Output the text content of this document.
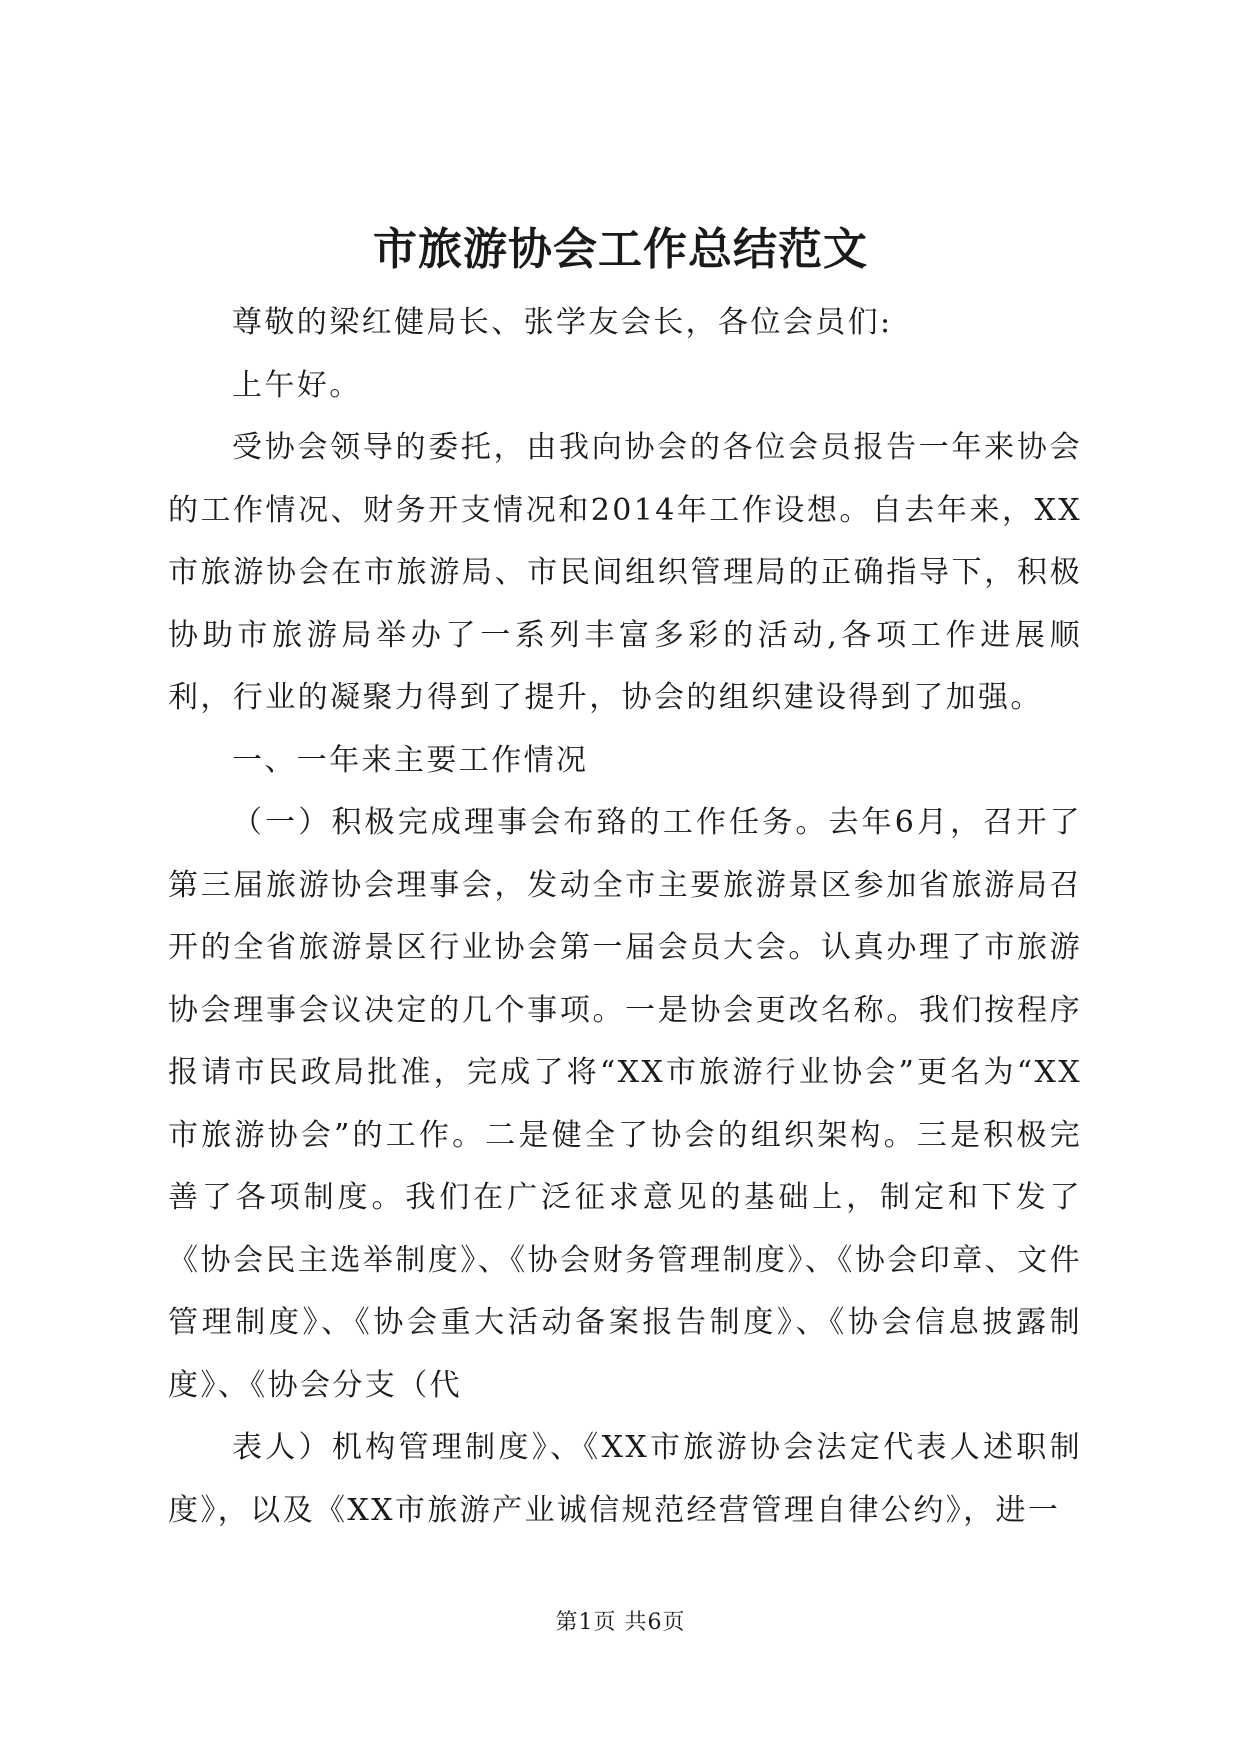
市旅游协会工作总结范文

尊敬的梁红健局长、张学友会长，各位会员们:

上午好。

受协会领导的委托，由我向协会的各位会员报告一年来协会的工作情况、财务开支情况和2014年工作设想。自去年来，XX市旅游协会在市旅游局、市民间组织管理局的正确指导下，积极协助市旅游局举办了一系列丰富多彩的活动,各项工作进展顺利，行业的凝聚力得到了提升，协会的组织建设得到了加强。

一、一年来主要工作情况

（一）积极完成理事会布臵的工作任务。去年6月，召开了第三届旅游协会理事会，发动全市主要旅游景区参加省旅游局召开的全省旅游景区行业协会第一届会员大会。认真办理了市旅游协会理事会议决定的几个事项。一是协会更改名称。我们按程序报请市民政局批准，完成了将“XX市旅游行业协会”更名为“XX市旅游协会”的工作。二是健全了协会的组织架构。三是积极完善了各项制度。我们在广泛征求意见的基础上，制定和下发了《协会民主选举制度》、《协会财务管理制度》、《协会印章、文件管理制度》、《协会重大活动备案报告制度》、《协会信息披露制度》、《协会分支（代

表人）机构管理制度》、《XX市旅游协会法定代表人述职制度》，以及《XX市旅游产业诚信规范经营管理自律公约》，进一

第1页 共6页
